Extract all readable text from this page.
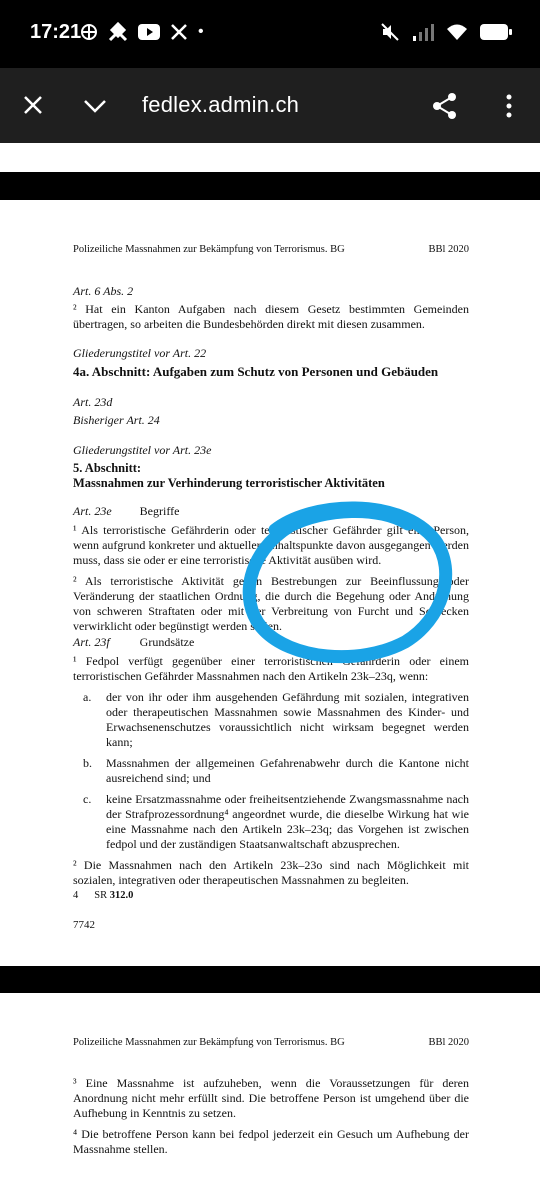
17:21	•
fedlex.admin.ch
Polizeiliche Massnahmen zur Bekämpfung von Terrorismus. BG	BBl 2020

Art. 6 Abs. 2

² Hat ein Kanton Aufgaben nach diesem Gesetz bestimmten Gemeinden übertragen, so arbeiten die Bundesbehörden direkt mit diesen zusammen.

Gliederungstitel vor Art. 22

4a. Abschnitt: Aufgaben zum Schutz von Personen und Gebäuden

Art. 23d

Bisheriger Art. 24

Gliederungstitel vor Art. 23e

5. Abschnitt:

Massnahmen zur Verhinderung terroristischer Aktivitäten

Art. 23e Begriffe

¹ Als terroristische Gefährderin oder terroristischer Gefährder gilt eine Person, wenn aufgrund konkreter und aktueller Anhaltspunkte davon ausgegangen werden muss, dass sie oder er eine terroristische Aktivität ausüben wird.

² Als terroristische Aktivität gelten Bestrebungen zur Beeinflussung oder Veränderung der staatlichen Ordnung, die durch die Begehung oder Androhung von schweren Straftaten oder mit der Verbreitung von Furcht und Schrecken verwirklicht oder begünstigt werden sollen.

Art. 23f	Grundsätze

¹ Fedpol verfügt gegenüber einer terroristischen Gefährderin oder einem terroristischen Gefährder Massnahmen nach den Artikeln 23k–23q, wenn:

a. der von ihr oder ihm ausgehenden Gefährdung mit sozialen, integrativen oder therapeutischen Massnahmen sowie Massnahmen des Kinder- und Erwachsenenschutzes voraussichtlich nicht wirksam begegnet werden kann;
b. Massnahmen der allgemeinen Gefahrenabwehr durch die Kantone nicht ausreichend sind; und
c. keine Ersatzmassnahme oder freiheitsentziehende Zwangsmassnahme nach der Strafprozessordnung⁴ angeordnet wurde, die dieselbe Wirkung hat wie eine Massnahme nach den Artikeln 23k–23q; das Vorgehen ist zwischen fedpol und der zuständigen Staatsanwaltschaft abzusprechen.

² Die Massnahmen nach den Artikeln 23k–23o sind nach Möglichkeit mit sozialen, integrativen oder therapeutischen Massnahmen zu begleiten.

4 SR 312.0
7742
Polizeiliche Massnahmen zur Bekämpfung von Terrorismus. BG	BBl 2020

³ Eine Massnahme ist aufzuheben, wenn die Voraussetzungen für deren Anordnung nicht mehr erfüllt sind. Die betroffene Person ist umgehend über die Aufhebung in Kenntnis zu setzen.

⁴ Die betroffene Person kann bei fedpol jederzeit ein Gesuch um Aufhebung der Massnahme stellen.
